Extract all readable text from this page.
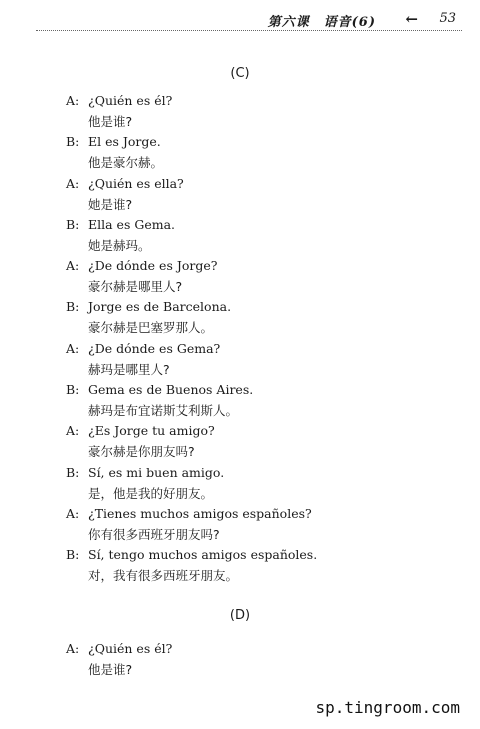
第六课　语音(6) ← 53
(C)
A: ¿Quién es él?
他是谁?
B: El es Jorge.
他是豪尔赫。
A: ¿Quién es ella?
她是谁?
B: Ella es Gema.
她是赫玛。
A: ¿De dónde es Jorge?
豪尔赫是哪里人?
B: Jorge es de Barcelona.
豪尔赫是巴塞罗那人。
A: ¿De dónde es Gema?
赫玛是哪里人?
B: Gema es de Buenos Aires.
赫玛是布宜诺斯艾利斯人。
A: ¿Es Jorge tu amigo?
豪尔赫是你朋友吗?
B: Sí, es mi buen amigo.
是，他是我的好朋友。
A: ¿Tienes muchos amigos españoles?
你有很多西班牙朋友吗?
B: Sí, tengo muchos amigos españoles.
对，我有很多西班牙朋友。
(D)
A: ¿Quién es él?
他是谁?
sp.tingroom.com
